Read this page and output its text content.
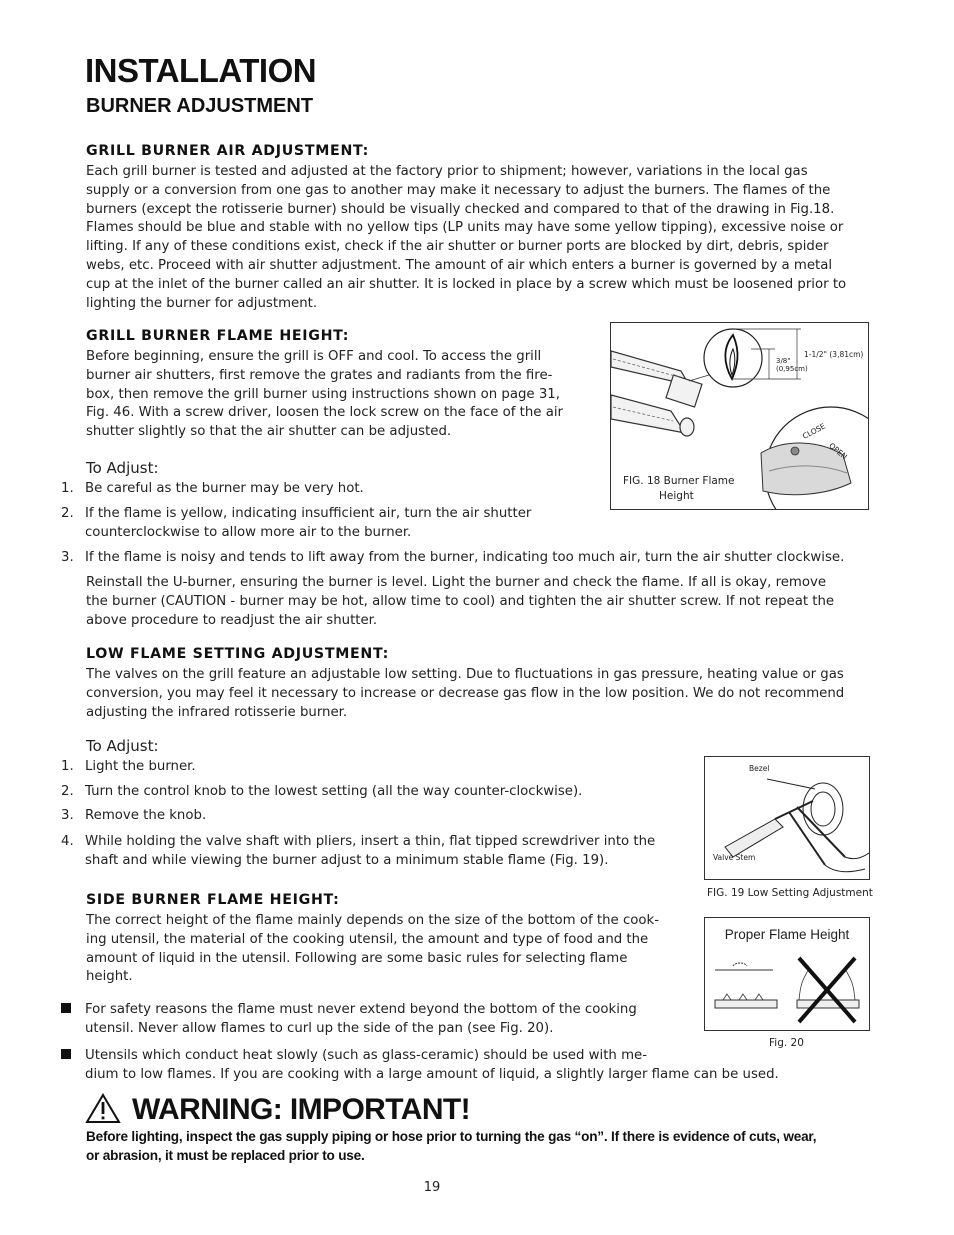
INSTALLATION
BURNER ADJUSTMENT
GRILL BURNER AIR ADJUSTMENT:
Each grill burner is tested and adjusted at the factory prior to shipment; however, variations in the local gas
supply or a conversion from one gas to another may make it necessary to adjust the burners. The flames of the
burners (except the rotisserie burner) should be visually checked and compared to that of the drawing in Fig.18.
Flames should be blue and stable with no yellow tips (LP units may have some yellow tipping), excessive noise or
lifting. If any of these conditions exist, check if the air shutter or burner ports are blocked by dirt, debris, spider
webs, etc. Proceed with air shutter adjustment. The amount of air which enters a burner is governed by a metal
cup at the inlet of the burner called an air shutter. It is locked in place by a screw which must be loosened prior to
lighting the burner for adjustment.
GRILL BURNER FLAME HEIGHT:
Before beginning, ensure the grill is OFF and cool. To access the grill
burner air shutters, first remove the grates and radiants from the fire-
box, then remove the grill burner using instructions shown on page 31,
Fig. 46. With a screw driver, loosen the lock screw on the face of the air
shutter slightly so that the air shutter can be adjusted.
To Adjust:
1. Be careful as the burner may be very hot.
2. If the flame is yellow, indicating insufficient air, turn the air shutter
counterclockwise to allow more air to the burner.
3. If the flame is noisy and tends to lift away from the burner, indicating too much air, turn the air shutter clockwise.
Reinstall the U-burner, ensuring the burner is level. Light the burner and check the flame. If all is okay, remove
the burner (CAUTION - burner may be hot, allow time to cool) and tighten the air shutter screw. If not repeat the
above procedure to readjust the air shutter.
1-1/2" (3,81cm)
3/8"
(0,95cm)
CLOSE
OPEN
FIG. 18 Burner Flame
Height
LOW FLAME SETTING ADJUSTMENT:
The valves on the grill feature an adjustable low setting. Due to fluctuations in gas pressure, heating value or gas
conversion, you may feel it necessary to increase or decrease gas flow in the low position. We do not recommend
adjusting the infrared rotisserie burner.
To Adjust:
1. Light the burner.
2. Turn the control knob to the lowest setting (all the way counter-clockwise).
3. Remove the knob.
4. While holding the valve shaft with pliers, insert a thin, flat tipped screwdriver into the
shaft and while viewing the burner adjust to a minimum stable flame (Fig. 19).
Bezel
Valve Stem
FIG. 19 Low Setting Adjustment
SIDE BURNER FLAME HEIGHT:
The correct height of the flame mainly depends on the size of the bottom of the cook-
ing utensil, the material of the cooking utensil, the amount and type of food and the
amount of liquid in the utensil. Following are some basic rules for selecting flame
height.
For safety reasons the flame must never extend beyond the bottom of the cooking
utensil. Never allow flames to curl up the side of the pan (see Fig. 20).
Utensils which conduct heat slowly (such as glass-ceramic) should be used with me-
dium to low flames. If you are cooking with a large amount of liquid, a slightly larger flame can be used.
Proper Flame Height
Fig. 20
WARNING: IMPORTANT!
Before lighting, inspect the gas supply piping or hose prior to turning the gas “on”. If there is evidence of cuts, wear,
or abrasion, it must be replaced prior to use.
19
